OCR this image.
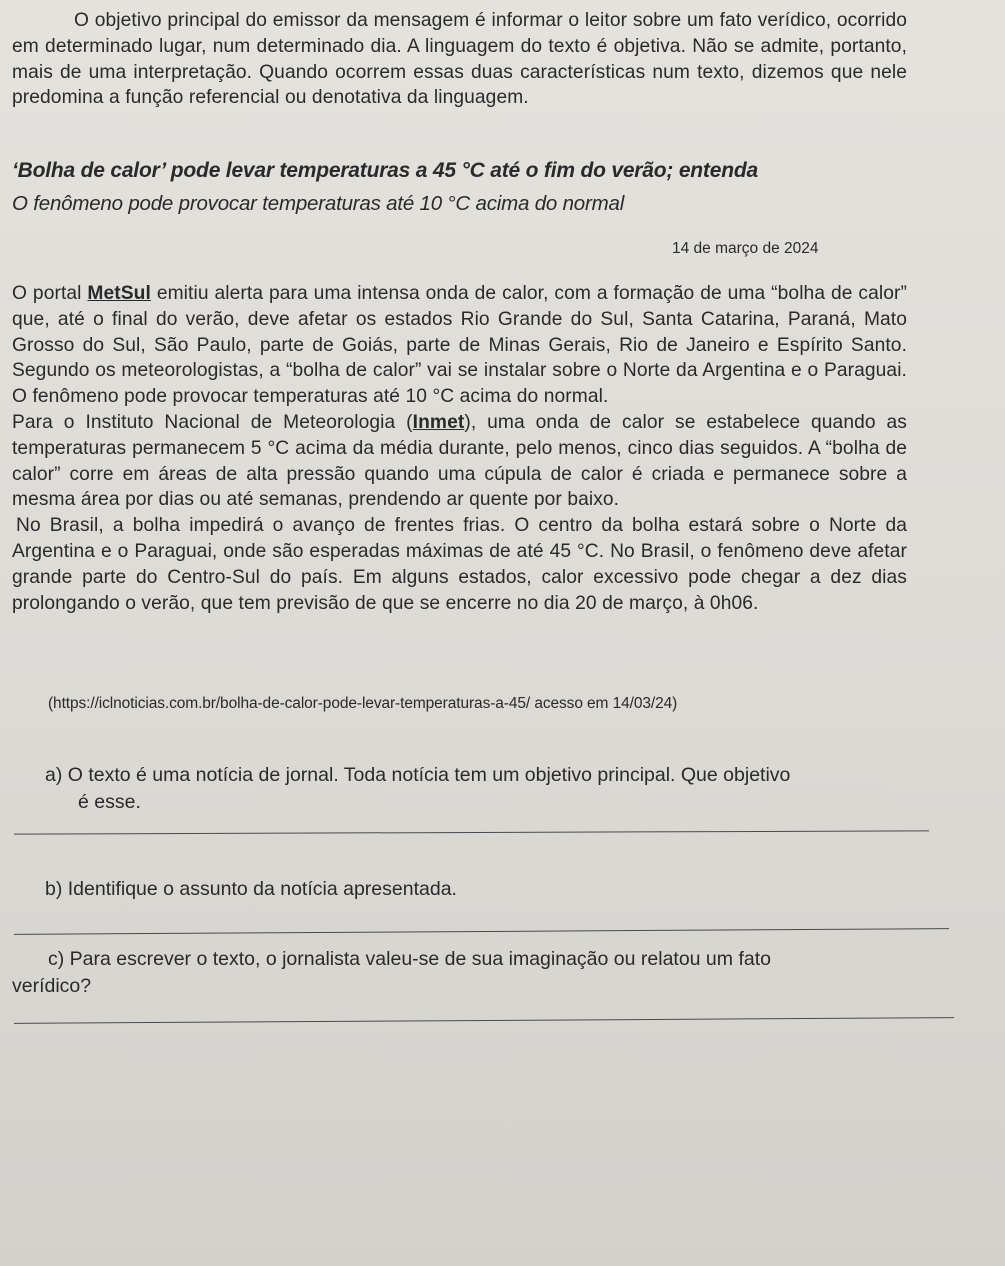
O objetivo principal do emissor da mensagem é informar o leitor sobre um fato verídico, ocorrido em determinado lugar, num determinado dia. A linguagem do texto é objetiva. Não se admite, portanto, mais de uma interpretação. Quando ocorrem essas duas características num texto, dizemos que nele predomina a função referencial ou denotativa da linguagem.
‘Bolha de calor’ pode levar temperaturas a 45 °C até o fim do verão; entenda
O fenômeno pode provocar temperaturas até 10 °C acima do normal
14 de março de 2024

O portal MetSul emitiu alerta para uma intensa onda de calor, com a formação de uma “bolha de calor” que, até o final do verão, deve afetar os estados Rio Grande do Sul, Santa Catarina, Paraná, Mato Grosso do Sul, São Paulo, parte de Goiás, parte de Minas Gerais, Rio de Janeiro e Espírito Santo. Segundo os meteorologistas, a “bolha de calor” vai se instalar sobre o Norte da Argentina e o Paraguai. O fenômeno pode provocar temperaturas até 10 °C acima do normal.

Para o Instituto Nacional de Meteorologia (Inmet), uma onda de calor se estabelece quando as temperaturas permanecem 5 °C acima da média durante, pelo menos, cinco dias seguidos. A “bolha de calor” corre em áreas de alta pressão quando uma cúpula de calor é criada e permanece sobre a mesma área por dias ou até semanas, prendendo ar quente por baixo.

No Brasil, a bolha impedirá o avanço de frentes frias. O centro da bolha estará sobre o Norte da Argentina e o Paraguai, onde são esperadas máximas de até 45 °C. No Brasil, o fenômeno deve afetar grande parte do Centro-Sul do país. Em alguns estados, calor excessivo pode chegar a dez dias prolongando o verão, que tem previsão de que se encerre no dia 20 de março, à 0h06.

(https://iclnoticias.com.br/bolha-de-calor-pode-levar-temperaturas-a-45/ acesso em 14/03/24)
a) O texto é uma notícia de jornal. Toda notícia tem um objetivo principal. Que objetivo
é esse.
b) Identifique o assunto da notícia apresentada.
c) Para escrever o texto, o jornalista valeu-se de sua imaginação ou relatou um fato
verídico?
